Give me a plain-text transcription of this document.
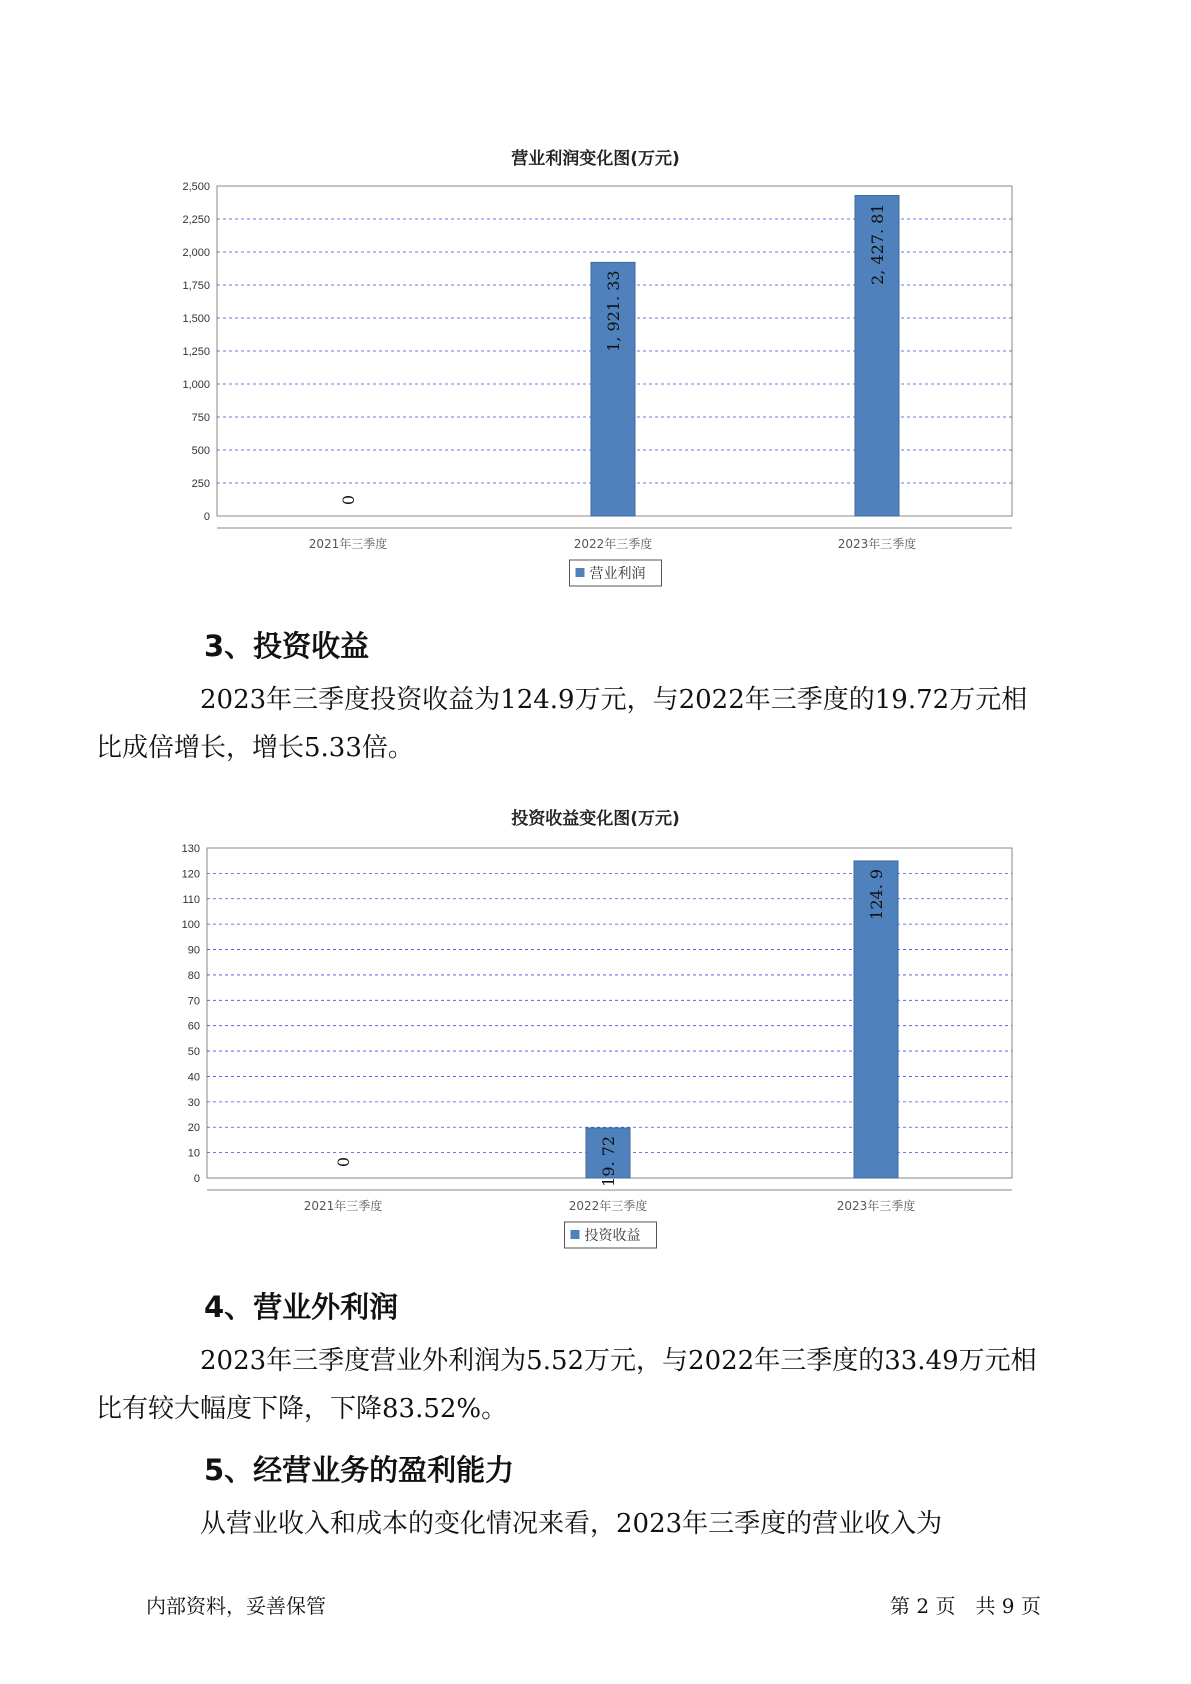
营业利润变化图(万元)
0
250
500
750
1,000
1,250
1,500
1,750
2,000
2,250
2,500
0
2021年三季度
1, 921. 33
2022年三季度
2, 427. 81
2023年三季度
营业利润
3、投资收益

2023年三季度投资收益为124.9万元，与2022年三季度的19.72万元相
比成倍增长，增长5.33倍。

投资收益变化图(万元)
0
10
20
30
40
50
60
70
80
90
100
110
120
130
0
2021年三季度
19. 72
2022年三季度
124. 9
2023年三季度
投资收益
4、营业外利润

2023年三季度营业外利润为5.52万元，与2022年三季度的33.49万元相
比有较大幅度下降，下降83.52%。

5、经营业务的盈利能力

从营业收入和成本的变化情况来看，2023年三季度的营业收入为

内部资料，妥善保管	第 2 页　共 9 页
